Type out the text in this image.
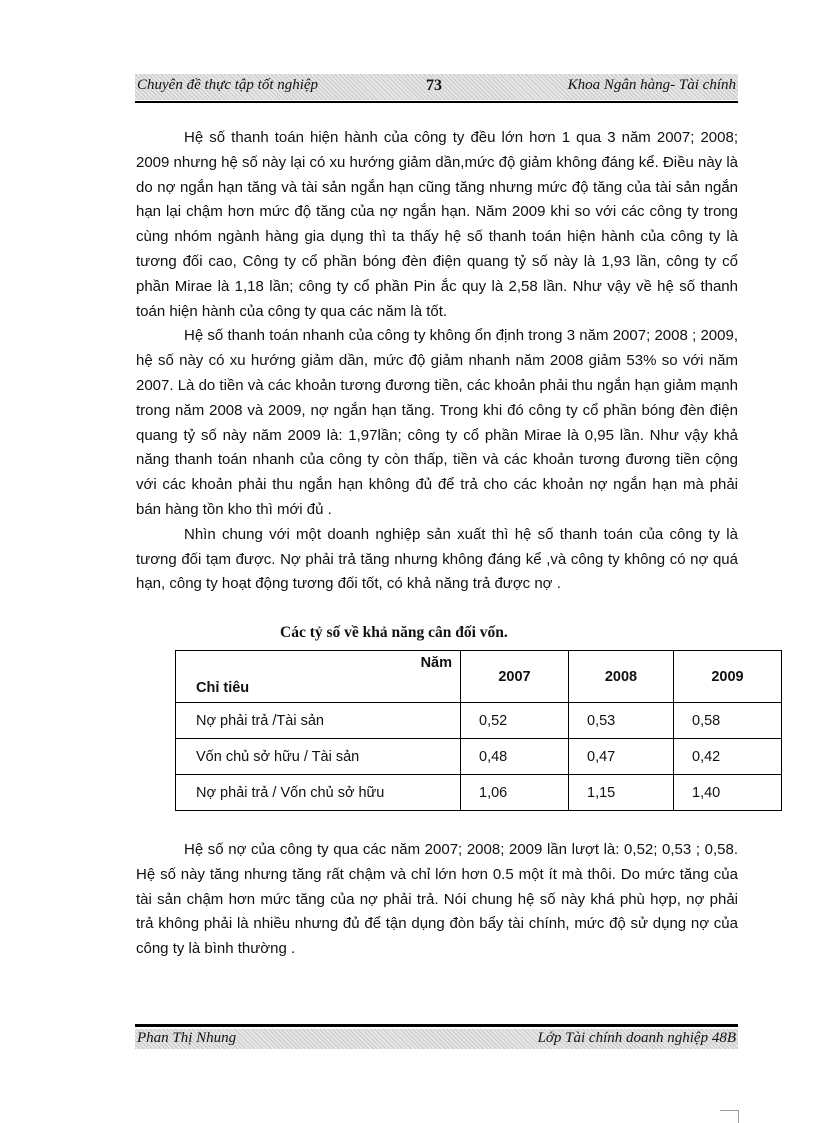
Chuyên đề thực tập tốt nghiệp	73	Khoa Ngân hàng- Tài chính

Hệ số thanh toán hiện hành của công ty đều lớn hơn 1 qua 3 năm 2007; 2008; 2009 nhưng hệ số này lại có xu hướng giảm dần,mức độ giảm không đáng kể. Điều này là do nợ ngắn hạn tăng và tài sản ngắn hạn cũng tăng nhưng mức độ tăng của tài sản ngắn hạn lại chậm hơn mức độ tăng của nợ ngắn hạn. Năm 2009 khi so với các công ty trong cùng nhóm ngành hàng gia dụng thì ta thấy hệ số thanh toán hiện hành của công ty là tương đối cao, Công ty cổ phần bóng đèn điện quang tỷ số này là 1,93 lần, công ty cổ phần Mirae là 1,18 lần; công ty cổ phần Pin ắc quy là 2,58 lần. Như vậy về hệ số thanh toán hiện hành của công ty qua các năm là tốt.

Hệ số thanh toán nhanh của công ty không ổn định trong 3 năm 2007; 2008 ; 2009, hệ số này có xu hướng giảm dần, mức độ giảm nhanh năm 2008 giảm 53% so với năm 2007. Là do tiền và các khoản tương đương tiền, các khoản phải thu ngắn hạn giảm mạnh trong năm 2008 và 2009, nợ ngắn hạn tăng. Trong khi đó công ty cổ phần bóng đèn điện quang tỷ số này năm 2009 là: 1,97lần; công ty cổ phần Mirae là 0,95 lần. Như vậy khả năng thanh toán nhanh của công ty còn thấp, tiền và các khoản tương đương tiền cộng với các khoản phải thu ngắn hạn không đủ để trả cho các khoản nợ ngắn hạn mà phải bán hàng tồn kho thì mới đủ .

Nhìn chung với một doanh nghiệp sản xuất thì hệ số thanh toán của công ty là tương đối tạm được. Nợ phải trả tăng nhưng không đáng kể ,và công ty không có nợ quá hạn, công ty hoạt động tương đối tốt, có khả năng trả được nợ .

Các tỷ số về khả năng cân đối vốn.
Năm
Chỉ tiêu	2007	2008	2009
Nợ phải trả /Tài sản	0,52	0,53	0,58
Vốn chủ sở hữu / Tài sản	0,48	0,47	0,42
Nợ phải trả / Vốn chủ sở hữu	1,06	1,15	1,40

Hệ số nợ của công ty qua các năm 2007; 2008; 2009 lần lượt là: 0,52; 0,53 ; 0,58. Hệ số này tăng nhưng tăng rất chậm và chỉ lớn hơn 0.5 một ít mà thôi. Do mức tăng của tài sản chậm hơn mức tăng của nợ phải trả. Nói chung hệ số này khá phù hợp, nợ phải trả không phải là nhiều nhưng đủ để tận dụng đòn bẩy tài chính, mức độ sử dụng nợ của công ty là bình thường .

Phan Thị Nhung	Lớp Tài chính doanh nghiệp 48B
